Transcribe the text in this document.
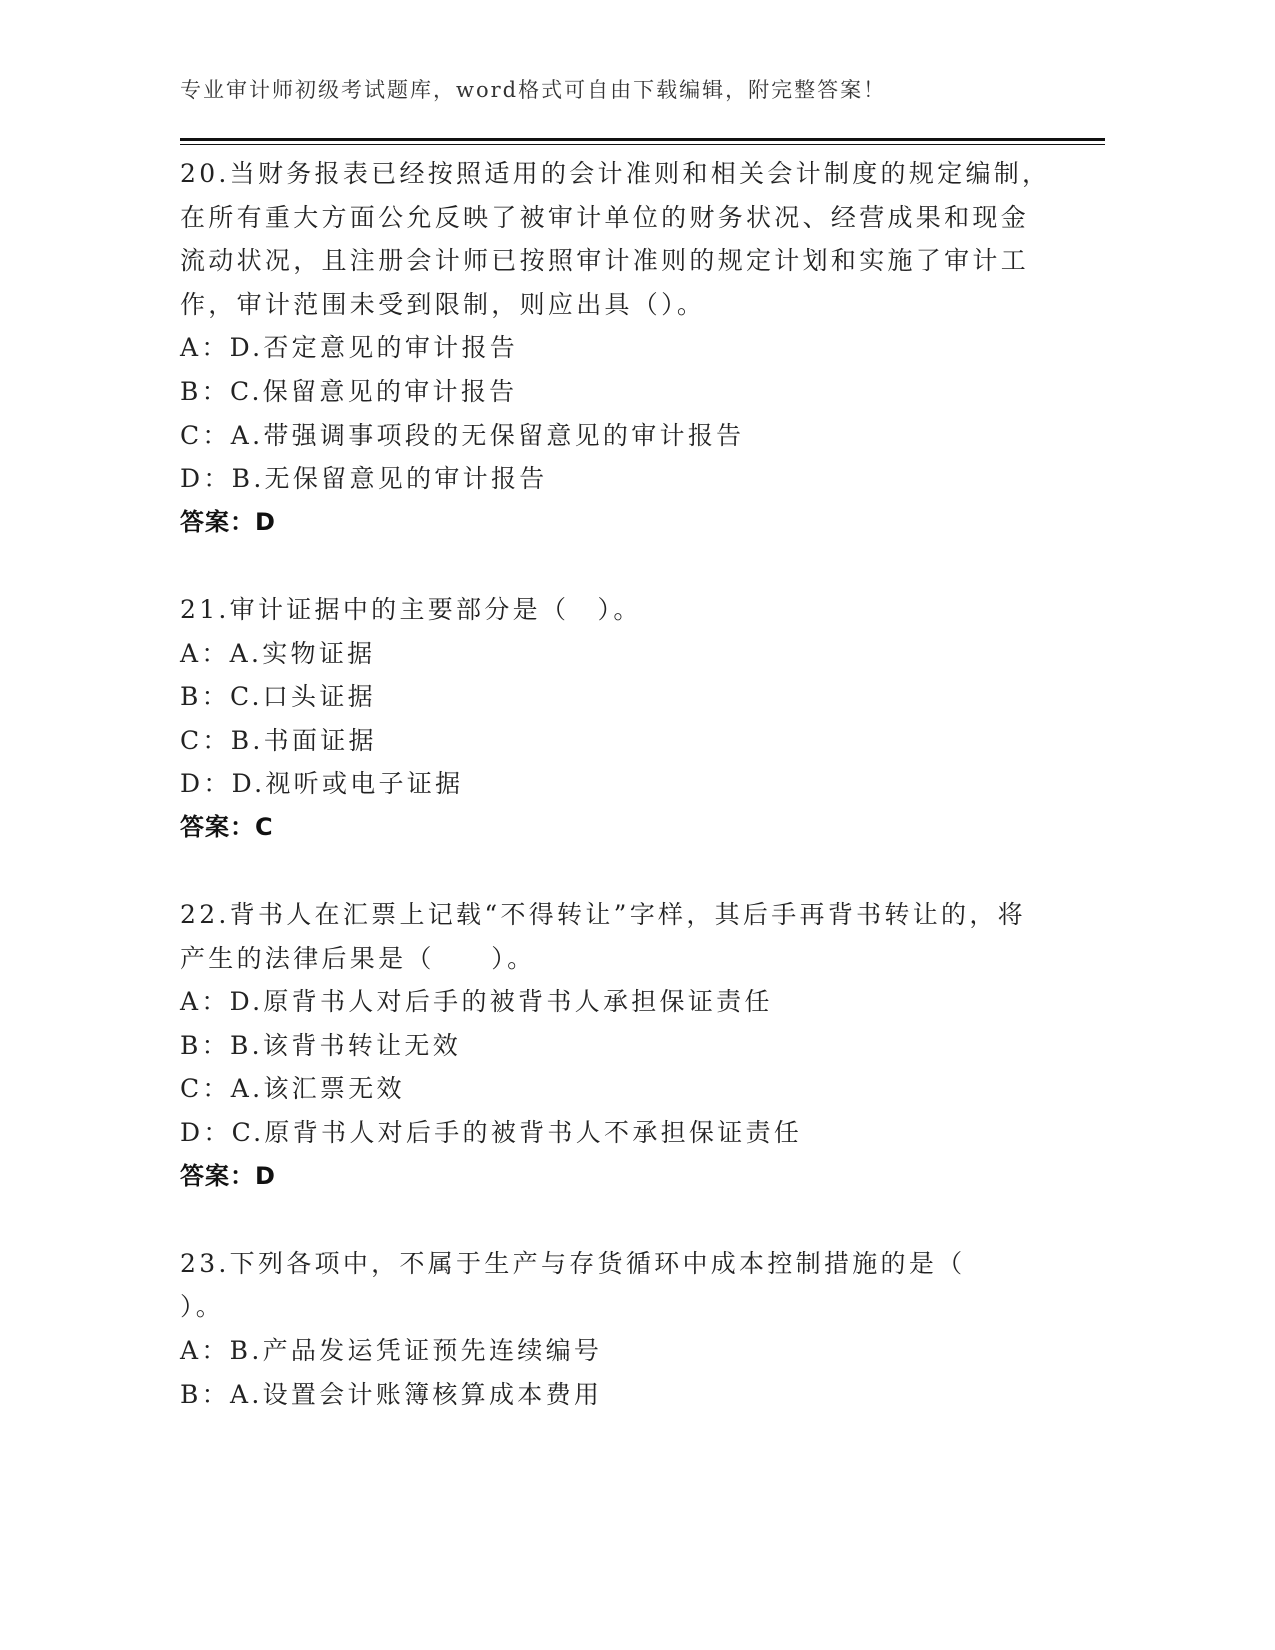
专业审计师初级考试题库，word格式可自由下载编辑，附完整答案！
20.当财务报表已经按照适用的会计准则和相关会计制度的规定编制，
在所有重大方面公允反映了被审计单位的财务状况、经营成果和现金
流动状况，且注册会计师已按照审计准则的规定计划和实施了审计工
作，审计范围未受到限制，则应出具（）。
A：D.否定意见的审计报告
B：C.保留意见的审计报告
C：A.带强调事项段的无保留意见的审计报告
D：B.无保留意见的审计报告
答案：D
21.审计证据中的主要部分是（　）。
A：A.实物证据
B：C.口头证据
C：B.书面证据
D：D.视听或电子证据
答案：C
22.背书人在汇票上记载“不得转让”字样，其后手再背书转让的，将
产生的法律后果是（　　）。
A：D.原背书人对后手的被背书人承担保证责任
B：B.该背书转让无效
C：A.该汇票无效
D：C.原背书人对后手的被背书人不承担保证责任
答案：D
23.下列各项中，不属于生产与存货循环中成本控制措施的是（
）。
A：B.产品发运凭证预先连续编号
B：A.设置会计账簿核算成本费用
